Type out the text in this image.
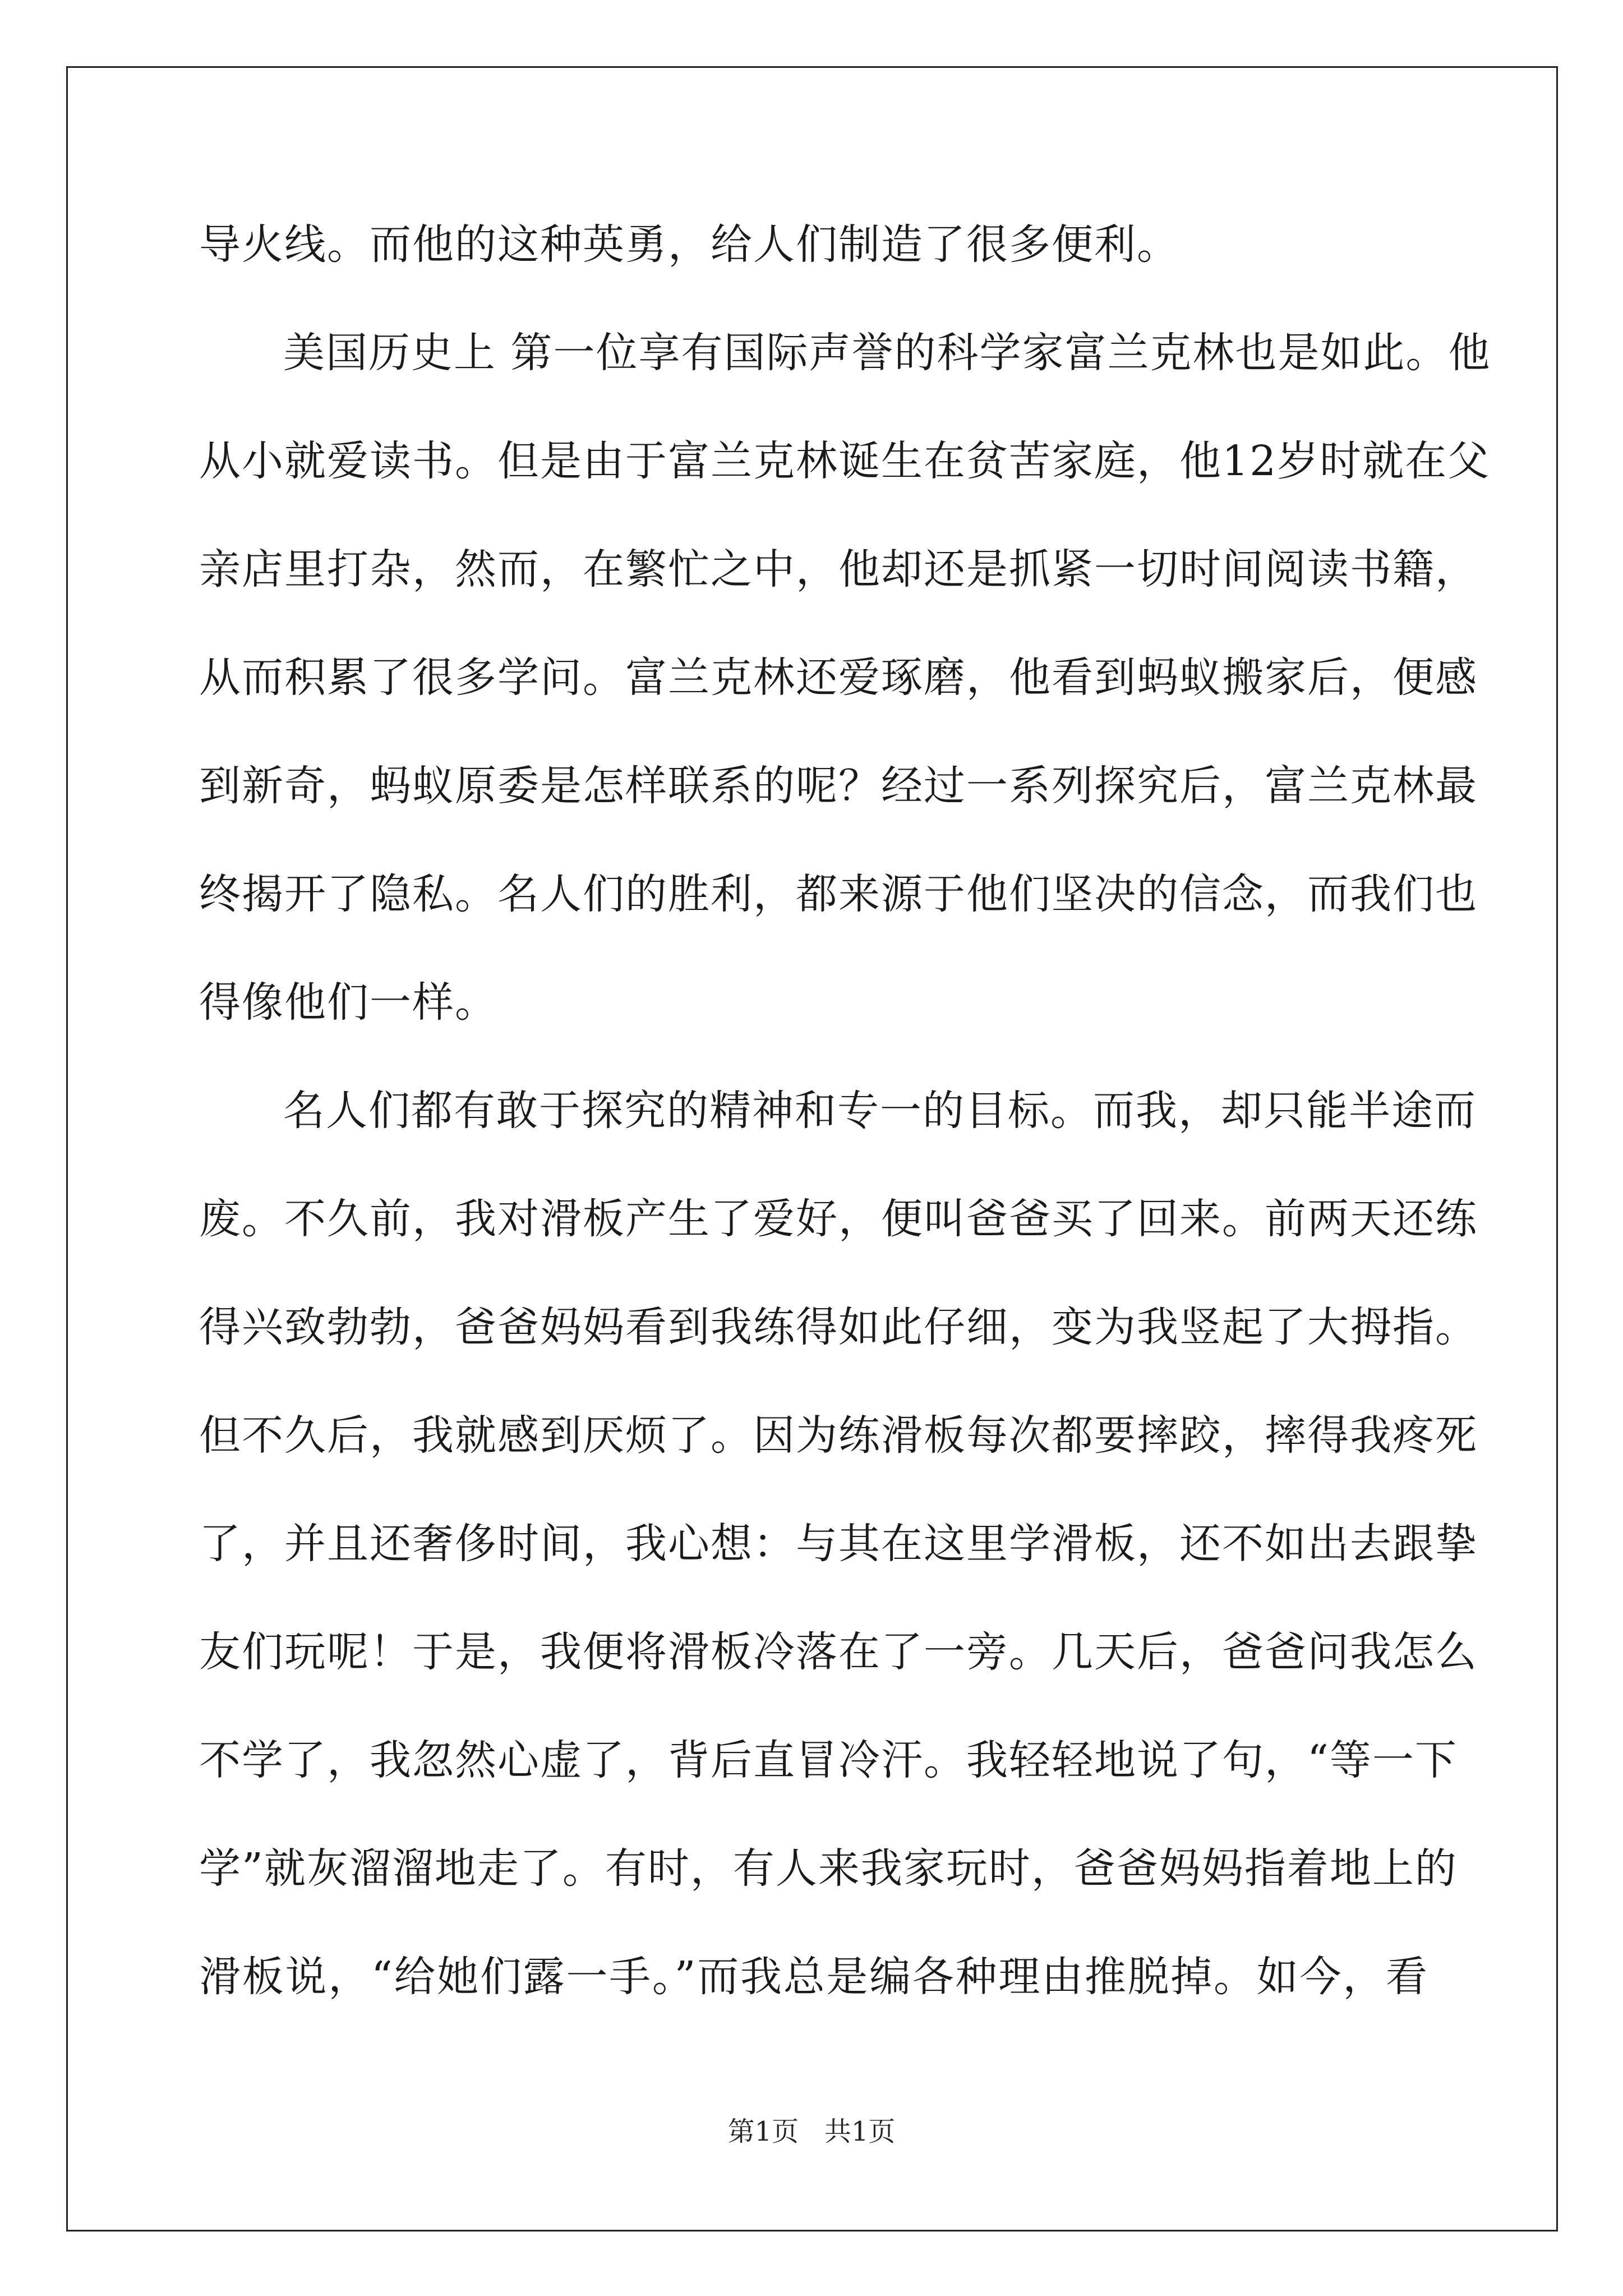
导火线。而他的这种英勇，给人们制造了很多便利。
美国历史上 第一位享有国际声誉的科学家富兰克林也是如此。他
从小就爱读书。但是由于富兰克林诞生在贫苦家庭，他12岁时就在父
亲店里打杂，然而，在繁忙之中，他却还是抓紧一切时间阅读书籍，
从而积累了很多学问。富兰克林还爱琢磨，他看到蚂蚁搬家后，便感
到新奇，蚂蚁原委是怎样联系的呢？经过一系列探究后，富兰克林最
终揭开了隐私。名人们的胜利，都来源于他们坚决的信念，而我们也
得像他们一样。
名人们都有敢于探究的精神和专一的目标。而我，却只能半途而
废。不久前，我对滑板产生了爱好，便叫爸爸买了回来。前两天还练
得兴致勃勃，爸爸妈妈看到我练得如此仔细，变为我竖起了大拇指。
但不久后，我就感到厌烦了。因为练滑板每次都要摔跤，摔得我疼死
了，并且还奢侈时间，我心想：与其在这里学滑板，还不如出去跟挚
友们玩呢！于是，我便将滑板冷落在了一旁。几天后，爸爸问我怎么
不学了，我忽然心虚了，背后直冒冷汗。我轻轻地说了句，“等一下
学”就灰溜溜地走了。有时，有人来我家玩时，爸爸妈妈指着地上的
滑板说，“给她们露一手。”而我总是编各种理由推脱掉。如今，看
第1页   共1页
